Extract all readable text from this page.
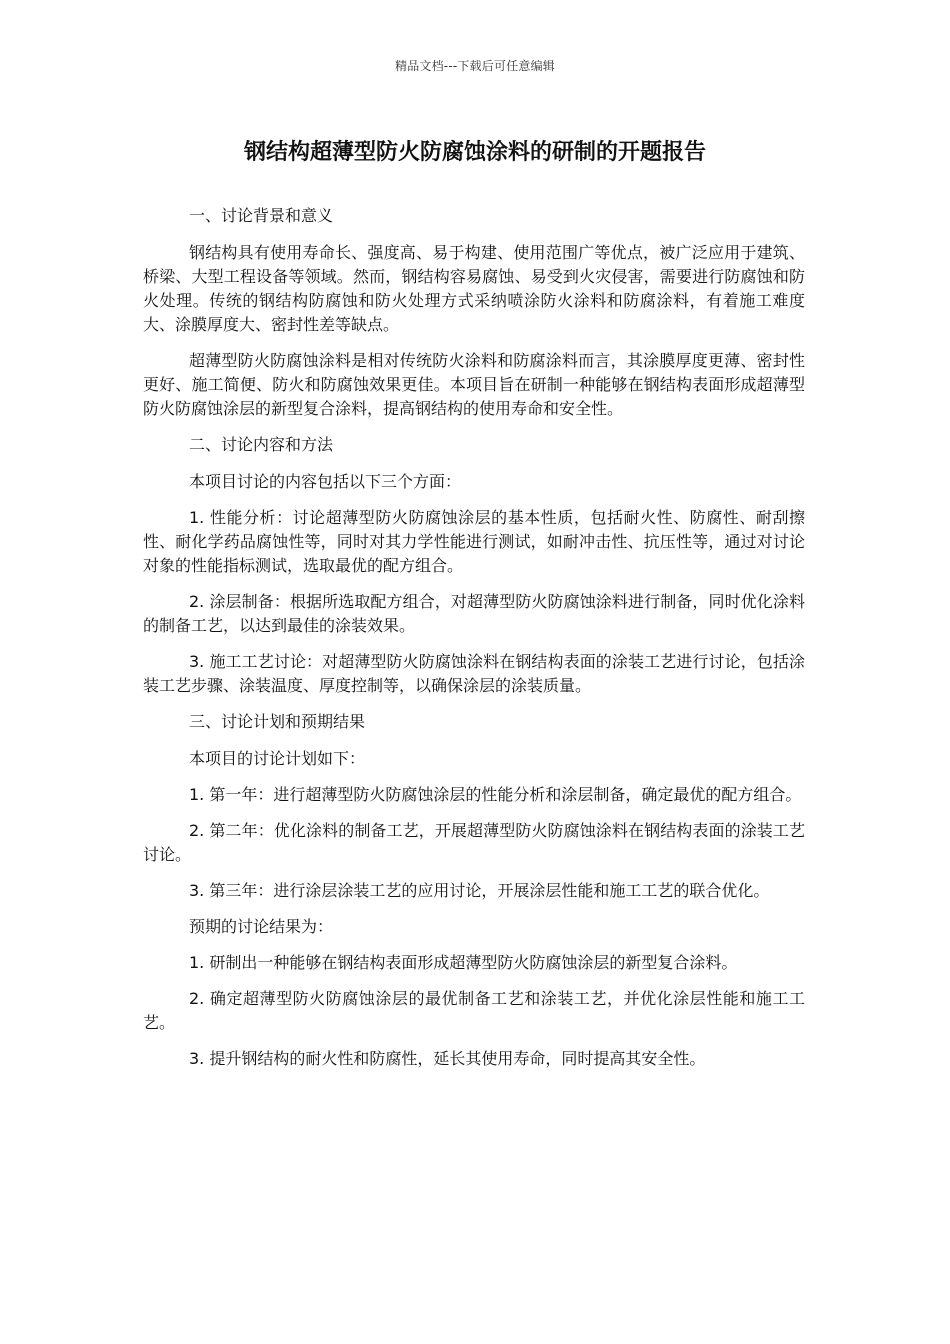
精品文档---下载后可任意编辑
钢结构超薄型防火防腐蚀涂料的研制的开题报告

一、讨论背景和意义

钢结构具有使用寿命长、强度高、易于构建、使用范围广等优点，被广泛应用于建筑、桥梁、大型工程设备等领域。然而，钢结构容易腐蚀、易受到火灾侵害，需要进行防腐蚀和防火处理。传统的钢结构防腐蚀和防火处理方式采纳喷涂防火涂料和防腐涂料，有着施工难度大、涂膜厚度大、密封性差等缺点。

超薄型防火防腐蚀涂料是相对传统防火涂料和防腐涂料而言，其涂膜厚度更薄、密封性更好、施工简便、防火和防腐蚀效果更佳。本项目旨在研制一种能够在钢结构表面形成超薄型防火防腐蚀涂层的新型复合涂料，提高钢结构的使用寿命和安全性。

二、讨论内容和方法

本项目讨论的内容包括以下三个方面：

1. 性能分析：讨论超薄型防火防腐蚀涂层的基本性质，包括耐火性、防腐性、耐刮擦性、耐化学药品腐蚀性等，同时对其力学性能进行测试，如耐冲击性、抗压性等，通过对讨论对象的性能指标测试，选取最优的配方组合。

2. 涂层制备：根据所选取配方组合，对超薄型防火防腐蚀涂料进行制备，同时优化涂料的制备工艺，以达到最佳的涂装效果。

3. 施工工艺讨论：对超薄型防火防腐蚀涂料在钢结构表面的涂装工艺进行讨论，包括涂装工艺步骤、涂装温度、厚度控制等，以确保涂层的涂装质量。

三、讨论计划和预期结果

本项目的讨论计划如下：

1. 第一年：进行超薄型防火防腐蚀涂层的性能分析和涂层制备，确定最优的配方组合。

2. 第二年：优化涂料的制备工艺，开展超薄型防火防腐蚀涂料在钢结构表面的涂装工艺讨论。

3. 第三年：进行涂层涂装工艺的应用讨论，开展涂层性能和施工工艺的联合优化。

预期的讨论结果为：

1. 研制出一种能够在钢结构表面形成超薄型防火防腐蚀涂层的新型复合涂料。

2. 确定超薄型防火防腐蚀涂层的最优制备工艺和涂装工艺，并优化涂层性能和施工工艺。

3. 提升钢结构的耐火性和防腐性，延长其使用寿命，同时提高其安全性。
